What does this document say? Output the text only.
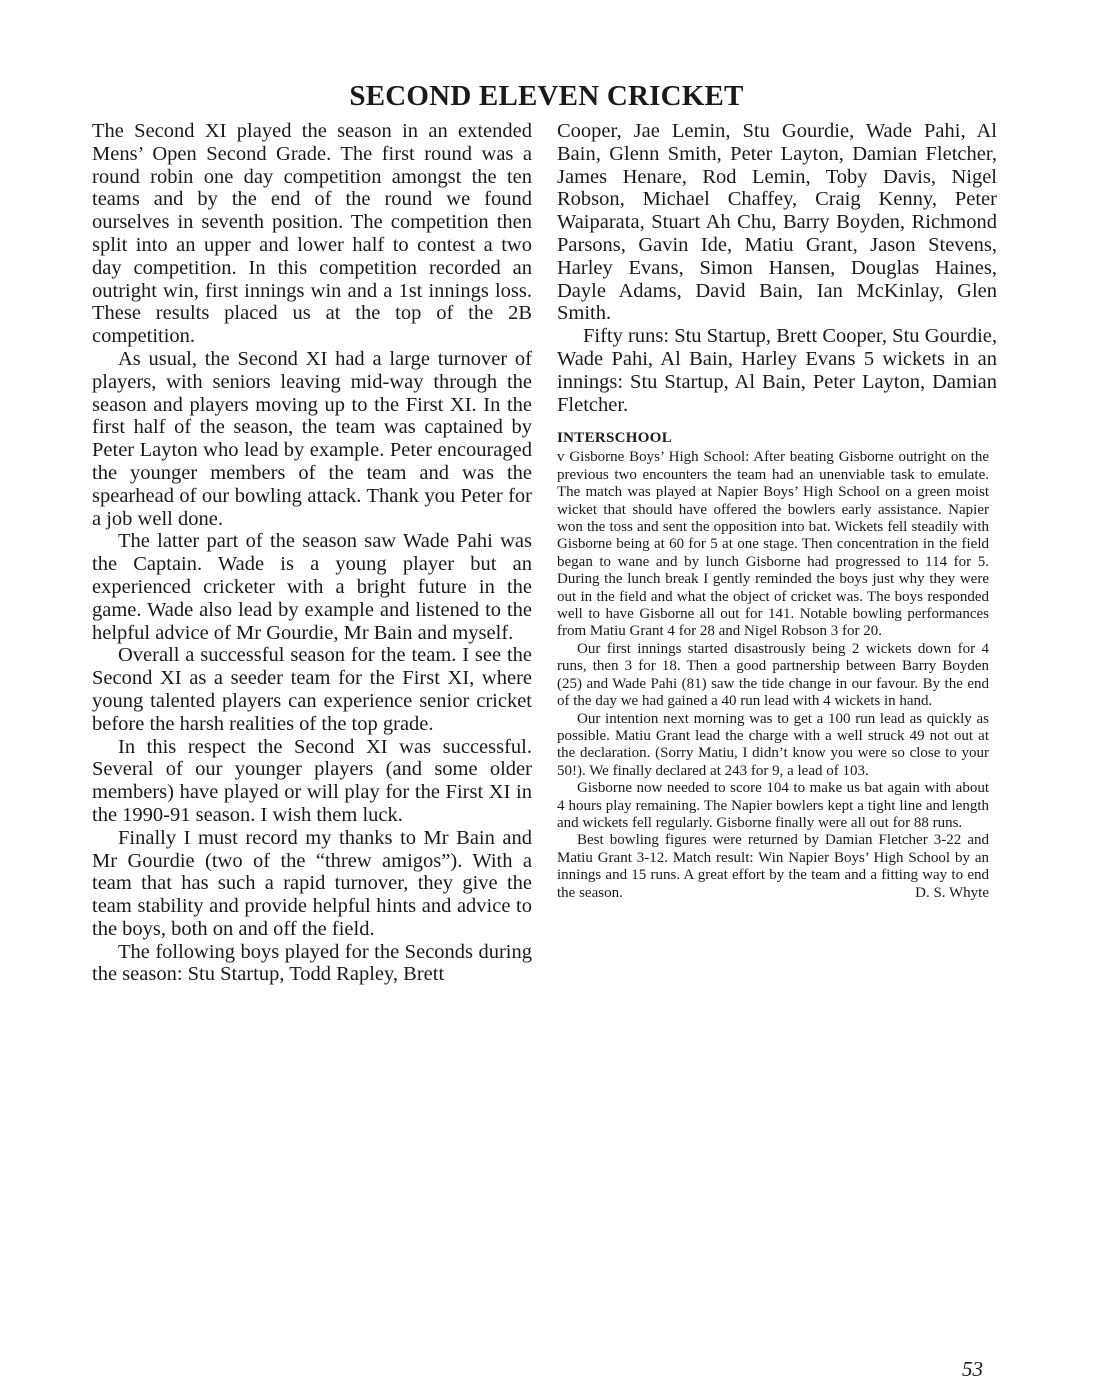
SECOND ELEVEN CRICKET

The Second XI played the season in an extended Mens’ Open Second Grade. The first round was a round robin one day competition amongst the ten teams and by the end of the round we found ourselves in seventh position. The competition then split into an upper and lower half to contest a two day competition. In this competition recorded an outright win, first innings win and a 1st innings loss. These results placed us at the top of the 2B competition.

As usual, the Second XI had a large turnover of players, with seniors leaving mid-way through the season and players moving up to the First XI. In the first half of the season, the team was captained by Peter Layton who lead by example. Peter encouraged the younger members of the team and was the spearhead of our bowling attack. Thank you Peter for a job well done.

The latter part of the season saw Wade Pahi was the Captain. Wade is a young player but an experienced cricketer with a bright future in the game. Wade also lead by example and listened to the helpful advice of Mr Gourdie, Mr Bain and myself.

Overall a successful season for the team. I see the Second XI as a seeder team for the First XI, where young talented players can experience senior cricket before the harsh realities of the top grade.

In this respect the Second XI was successful. Several of our younger players (and some older members) have played or will play for the First XI in the 1990-91 season. I wish them luck.

Finally I must record my thanks to Mr Bain and Mr Gourdie (two of the “threw amigos”). With a team that has such a rapid turnover, they give the team stability and provide helpful hints and advice to the boys, both on and off the field.

The following boys played for the Seconds during the season: Stu Startup, Todd Rapley, Brett

Cooper, Jae Lemin, Stu Gourdie, Wade Pahi, Al Bain, Glenn Smith, Peter Layton, Damian Fletcher, James Henare, Rod Lemin, Toby Davis, Nigel Robson, Michael Chaffey, Craig Kenny, Peter Waiparata, Stuart Ah Chu, Barry Boyden, Richmond Parsons, Gavin Ide, Matiu Grant, Jason Stevens, Harley Evans, Simon Hansen, Douglas Haines, Dayle Adams, David Bain, Ian McKinlay, Glen Smith.

Fifty runs: Stu Startup, Brett Cooper, Stu Gourdie, Wade Pahi, Al Bain, Harley Evans 5 wickets in an innings: Stu Startup, Al Bain, Peter Layton, Damian Fletcher.

INTERSCHOOL

v Gisborne Boys’ High School: After beating Gisborne outright on the previous two encounters the team had an unenviable task to emulate. The match was played at Napier Boys’ High School on a green moist wicket that should have offered the bowlers early assistance. Napier won the toss and sent the opposition into bat. Wickets fell steadily with Gisborne being at 60 for 5 at one stage. Then concentration in the field began to wane and by lunch Gisborne had progressed to 114 for 5. During the lunch break I gently reminded the boys just why they were out in the field and what the object of cricket was. The boys responded well to have Gisborne all out for 141. Notable bowling performances from Matiu Grant 4 for 28 and Nigel Robson 3 for 20.

Our first innings started disastrously being 2 wickets down for 4 runs, then 3 for 18. Then a good partnership between Barry Boyden (25) and Wade Pahi (81) saw the tide change in our favour. By the end of the day we had gained a 40 run lead with 4 wickets in hand.

Our intention next morning was to get a 100 run lead as quickly as possible. Matiu Grant lead the charge with a well struck 49 not out at the declaration. (Sorry Matiu, I didn’t know you were so close to your 50!). We finally declared at 243 for 9, a lead of 103.

Gisborne now needed to score 104 to make us bat again with about 4 hours play remaining. The Napier bowlers kept a tight line and length and wickets fell regularly. Gisborne finally were all out for 88 runs.

Best bowling figures were returned by Damian Fletcher 3-22 and Matiu Grant 3-12. Match result: Win Napier Boys’ High School by an innings and 15 runs. A great effort by the team and a fitting way to end the season.	D. S. Whyte

53
